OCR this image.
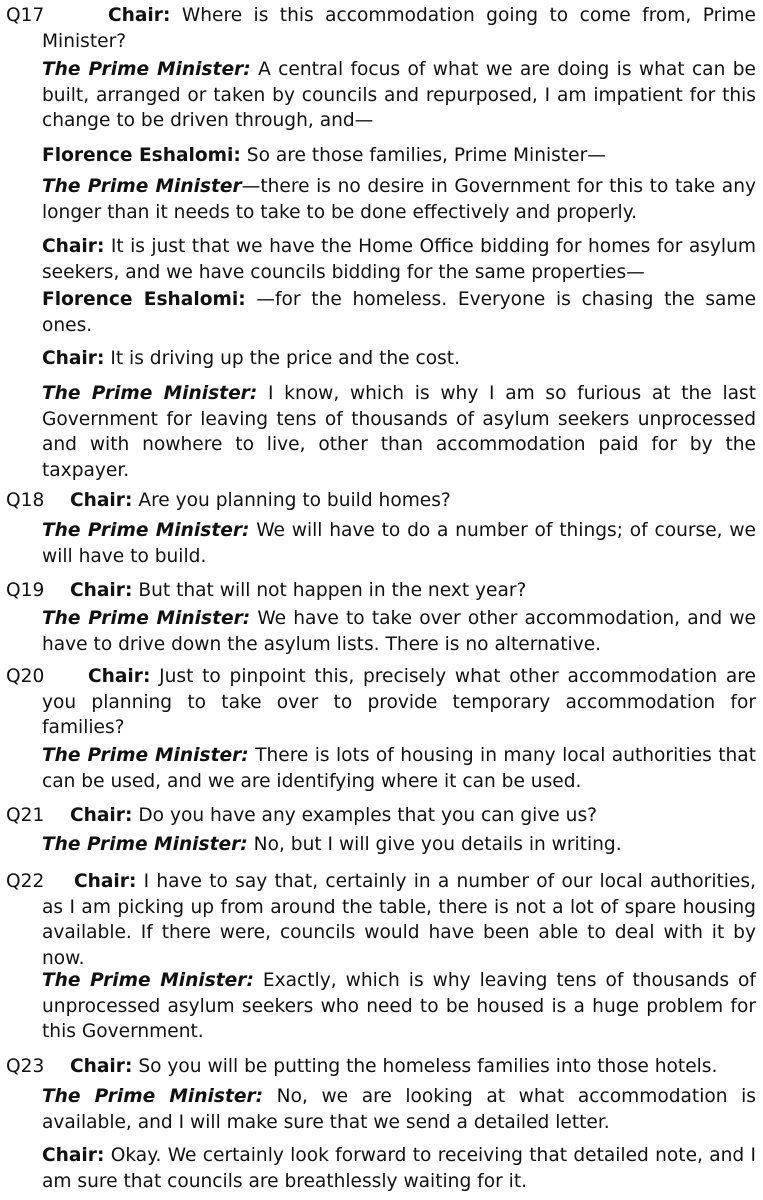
Q17	Chair: Where is this accommodation going to come from, Prime Minister?

The Prime Minister: A central focus of what we are doing is what can be built, arranged or taken by councils and repurposed, I am impatient for this change to be driven through, and—

Florence Eshalomi: So are those families, Prime Minister—

The Prime Minister—there is no desire in Government for this to take any longer than it needs to take to be done effectively and properly.

Chair: It is just that we have the Home Office bidding for homes for asylum seekers, and we have councils bidding for the same properties—

Florence Eshalomi: —for the homeless. Everyone is chasing the same ones.

Chair: It is driving up the price and the cost.

The Prime Minister: I know, which is why I am so furious at the last Government for leaving tens of thousands of asylum seekers unprocessed and with nowhere to live, other than accommodation paid for by the taxpayer.

Q18	Chair: Are you planning to build homes?

The Prime Minister: We will have to do a number of things; of course, we will have to build.

Q19	Chair: But that will not happen in the next year?

The Prime Minister: We have to take over other accommodation, and we have to drive down the asylum lists. There is no alternative.

Q20	Chair: Just to pinpoint this, precisely what other accommodation are you planning to take over to provide temporary accommodation for families?

The Prime Minister: There is lots of housing in many local authorities that can be used, and we are identifying where it can be used.

Q21	Chair: Do you have any examples that you can give us?

The Prime Minister: No, but I will give you details in writing.

Q22	Chair: I have to say that, certainly in a number of our local authorities, as I am picking up from around the table, there is not a lot of spare housing available. If there were, councils would have been able to deal with it by now.

The Prime Minister: Exactly, which is why leaving tens of thousands of unprocessed asylum seekers who need to be housed is a huge problem for this Government.

Q23	Chair: So you will be putting the homeless families into those hotels.

The Prime Minister: No, we are looking at what accommodation is available, and I will make sure that we send a detailed letter.

Chair: Okay. We certainly look forward to receiving that detailed note, and I am sure that councils are breathlessly waiting for it.
